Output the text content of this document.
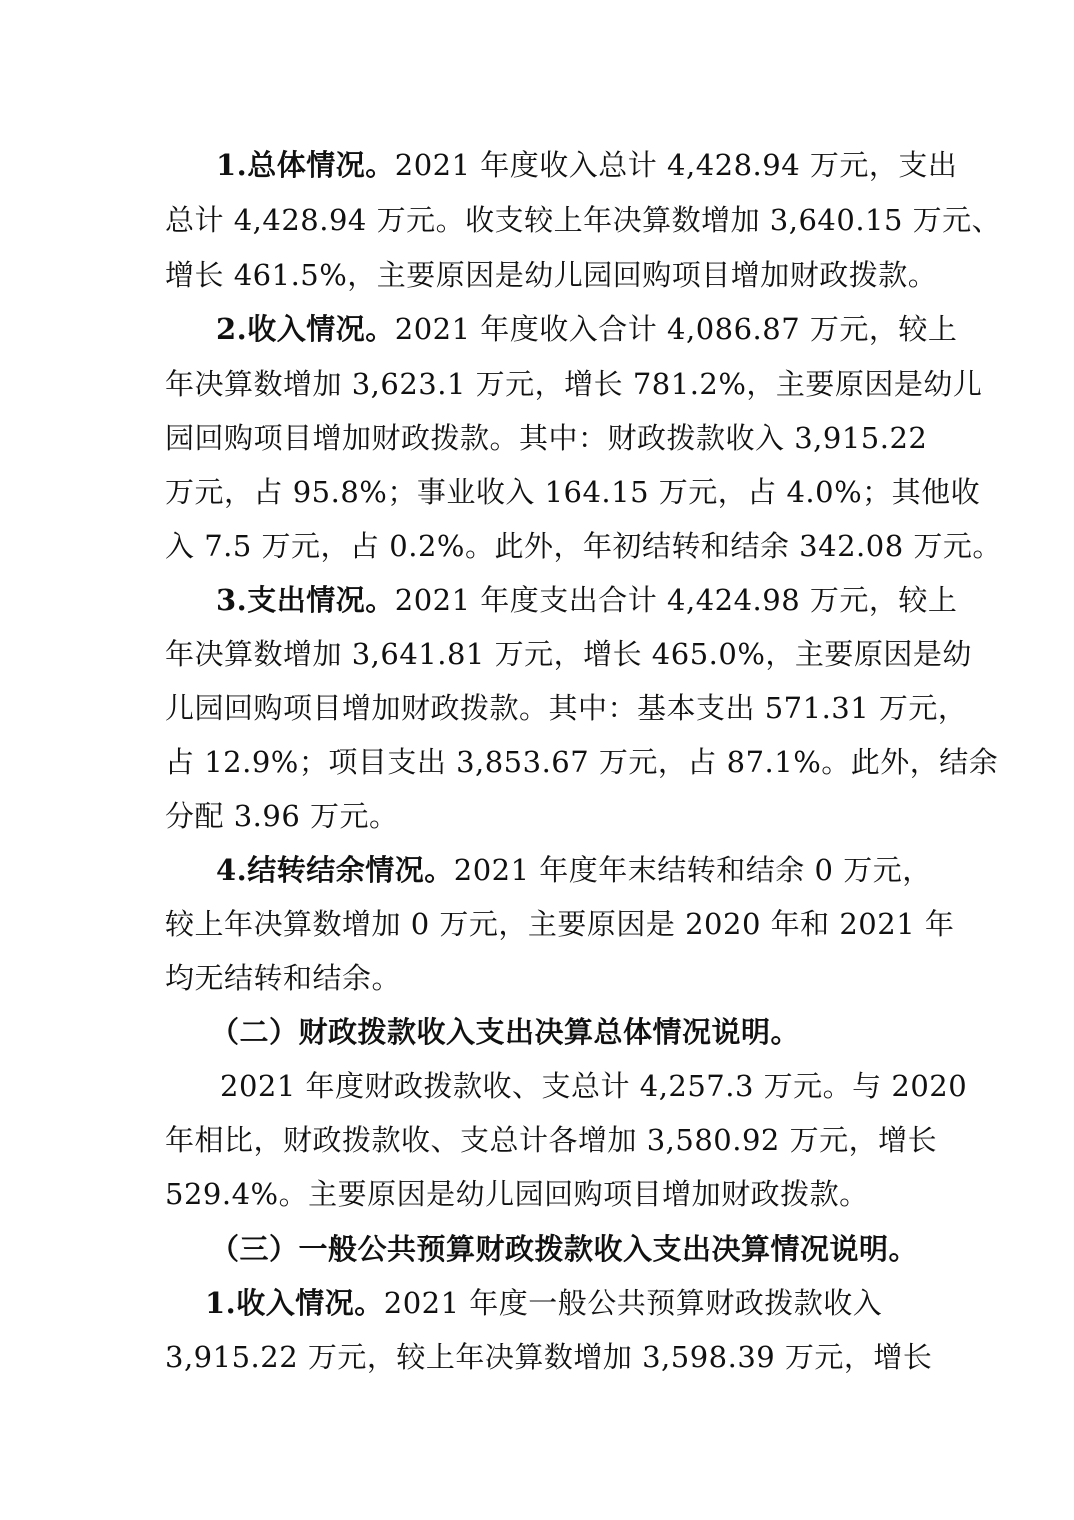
1.总体情况。2021 年度收入总计 4,428.94 万元，支出
总计 4,428.94 万元。收支较上年决算数增加 3,640.15 万元、
增长 461.5%，主要原因是幼儿园回购项目增加财政拨款。
2.收入情况。2021 年度收入合计 4,086.87 万元，较上
年决算数增加 3,623.1 万元，增长 781.2%，主要原因是幼儿
园回购项目增加财政拨款。其中：财政拨款收入 3,915.22
万元，占 95.8%；事业收入 164.15 万元，占 4.0%；其他收
入 7.5 万元，占 0.2%。此外，年初结转和结余 342.08 万元。
3.支出情况。2021 年度支出合计 4,424.98 万元，较上
年决算数增加 3,641.81 万元，增长 465.0%，主要原因是幼
儿园回购项目增加财政拨款。其中：基本支出 571.31 万元，
占 12.9%；项目支出 3,853.67 万元，占 87.1%。此外，结余
分配 3.96 万元。
4.结转结余情况。2021 年度年末结转和结余 0 万元，
较上年决算数增加 0 万元，主要原因是 2020 年和 2021 年
均无结转和结余。
（二）财政拨款收入支出决算总体情况说明。
2021 年度财政拨款收、支总计 4,257.3 万元。与 2020
年相比，财政拨款收、支总计各增加 3,580.92 万元，增长
529.4%。主要原因是幼儿园回购项目增加财政拨款。
（三）一般公共预算财政拨款收入支出决算情况说明。
1.收入情况。2021 年度一般公共预算财政拨款收入
3,915.22 万元，较上年决算数增加 3,598.39 万元，增长
